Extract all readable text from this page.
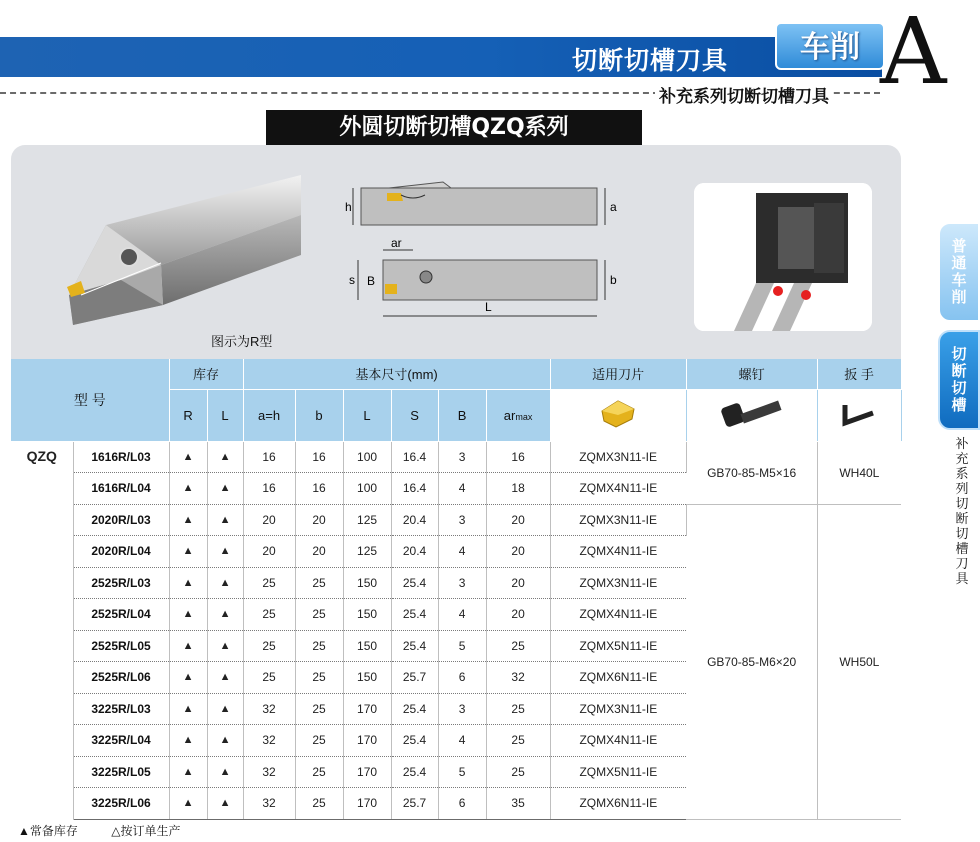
切断切槽刀具	车削 A
补充系列切断切槽刀具
外圆切断切槽QZQ系列
图示为R型
h	a
ar
s B	b
L
普通车削
切断切槽
补充系列切断切槽刀具
型 号		库存		基本尺寸(mm)						适用刀片	螺钉	扳 手
		R	L	a=h	b	L	S	B	armax			
QZQ	1616R/L03	▲	▲	16	16	100	16.4	3	16	ZQMX3N11-IE	GB70-85-M5×16	WH40L
	1616R/L04	▲	▲	16	16	100	16.4	4	18	ZQMX4N11-IE		
	2020R/L03	▲	▲	20	20	125	20.4	3	20	ZQMX3N11-IE	GB70-85-M6×20	WH50L
	2020R/L04	▲	▲	20	20	125	20.4	4	20	ZQMX4N11-IE		
	2525R/L03	▲	▲	25	25	150	25.4	3	20	ZQMX3N11-IE		
	2525R/L04	▲	▲	25	25	150	25.4	4	20	ZQMX4N11-IE		
	2525R/L05	▲	▲	25	25	150	25.4	5	25	ZQMX5N11-IE		
	2525R/L06	▲	▲	25	25	150	25.7	6	32	ZQMX6N11-IE		
	3225R/L03	▲	▲	32	25	170	25.4	3	25	ZQMX3N11-IE		
	3225R/L04	▲	▲	32	25	170	25.4	4	25	ZQMX4N11-IE		
	3225R/L05	▲	▲	32	25	170	25.4	5	25	ZQMX5N11-IE		
	3225R/L06	▲	▲	32	25	170	25.7	6	35	ZQMX6N11-IE		
▲常备库存	△按订单生产
